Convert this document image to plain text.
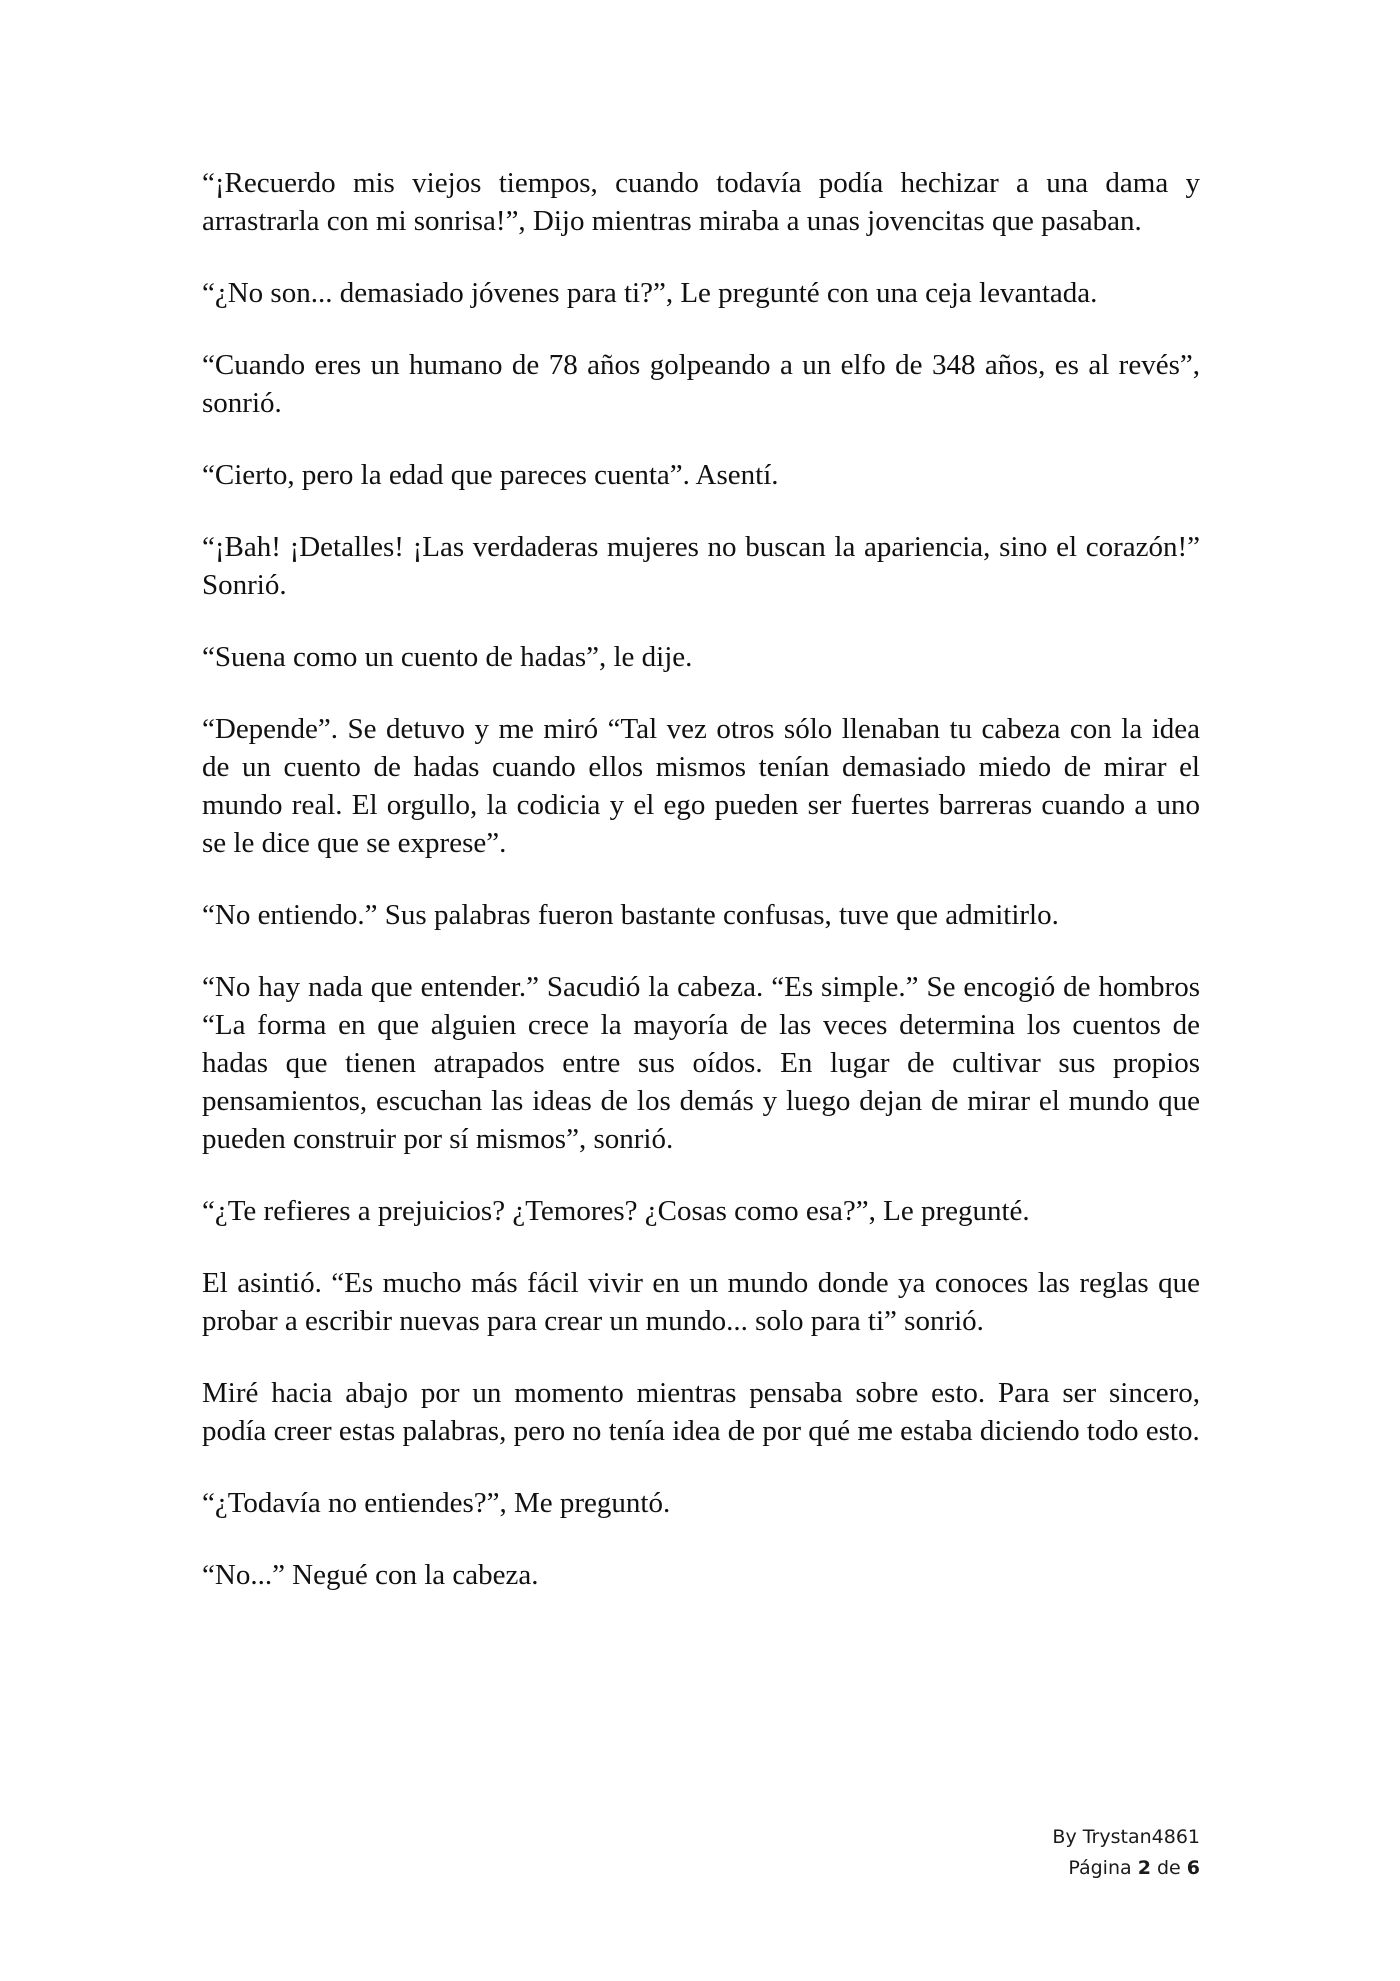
“¡Recuerdo mis viejos tiempos, cuando todavía podía hechizar a una dama y arrastrarla con mi sonrisa!”, Dijo mientras miraba a unas jovencitas que pasaban.

“¿No son... demasiado jóvenes para ti?”, Le pregunté con una ceja levantada.

“Cuando eres un humano de 78 años golpeando a un elfo de 348 años, es al revés”, sonrió.

“Cierto, pero la edad que pareces cuenta”. Asentí.

“¡Bah! ¡Detalles! ¡Las verdaderas mujeres no buscan la apariencia, sino el corazón!” Sonrió.

“Suena como un cuento de hadas”, le dije.

“Depende”. Se detuvo y me miró “Tal vez otros sólo llenaban tu cabeza con la idea de un cuento de hadas cuando ellos mismos tenían demasiado miedo de mirar el mundo real. El orgullo, la codicia y el ego pueden ser fuertes barreras cuando a uno se le dice que se exprese”.

“No entiendo.” Sus palabras fueron bastante confusas, tuve que admitirlo.

“No hay nada que entender.” Sacudió la cabeza. “Es simple.” Se encogió de hombros “La forma en que alguien crece la mayoría de las veces determina los cuentos de hadas que tienen atrapados entre sus oídos. En lugar de cultivar sus propios pensamientos, escuchan las ideas de los demás y luego dejan de mirar el mundo que pueden construir por sí mismos”, sonrió.

“¿Te refieres a prejuicios? ¿Temores? ¿Cosas como esa?”, Le pregunté.

El asintió. “Es mucho más fácil vivir en un mundo donde ya conoces las reglas que probar a escribir nuevas para crear un mundo... solo para ti” sonrió.

Miré hacia abajo por un momento mientras pensaba sobre esto. Para ser sincero, podía creer estas palabras, pero no tenía idea de por qué me estaba diciendo todo esto.

“¿Todavía no entiendes?”, Me preguntó.

“No...” Negué con la cabeza.

By Trystan4861
Página 2 de 6
